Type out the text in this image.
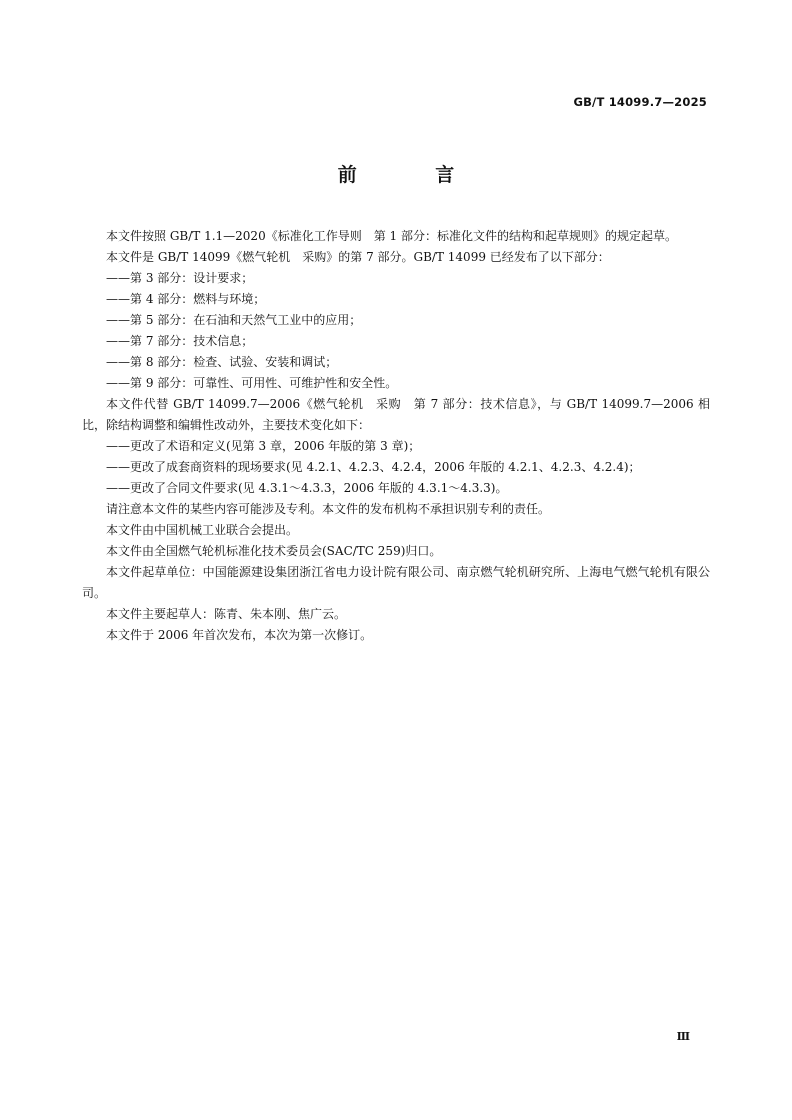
GB/T 14099.7—2025
前 言

本文件按照 GB/T 1.1—2020《标准化工作导则　第 1 部分：标准化文件的结构和起草规则》的规定起草。

本文件是 GB/T 14099《燃气轮机　采购》的第 7 部分。GB/T 14099 已经发布了以下部分：

——第 3 部分：设计要求；

——第 4 部分：燃料与环境；

——第 5 部分：在石油和天然气工业中的应用；

——第 7 部分：技术信息；

——第 8 部分：检查、试验、安装和调试；

——第 9 部分：可靠性、可用性、可维护性和安全性。

本文件代替 GB/T 14099.7—2006《燃气轮机　采购　第 7 部分：技术信息》，与 GB/T 14099.7—2006 相比，除结构调整和编辑性改动外，主要技术变化如下：

——更改了术语和定义(见第 3 章，2006 年版的第 3 章)；

——更改了成套商资料的现场要求(见 4.2.1、4.2.3、4.2.4，2006 年版的 4.2.1、4.2.3、4.2.4)；

——更改了合同文件要求(见 4.3.1～4.3.3，2006 年版的 4.3.1～4.3.3)。

请注意本文件的某些内容可能涉及专利。本文件的发布机构不承担识别专利的责任。

本文件由中国机械工业联合会提出。

本文件由全国燃气轮机标准化技术委员会(SAC/TC 259)归口。

本文件起草单位：中国能源建设集团浙江省电力设计院有限公司、南京燃气轮机研究所、上海电气燃气轮机有限公司。

本文件主要起草人：陈青、朱本刚、焦广云。

本文件于 2006 年首次发布，本次为第一次修订。

Ⅲ
